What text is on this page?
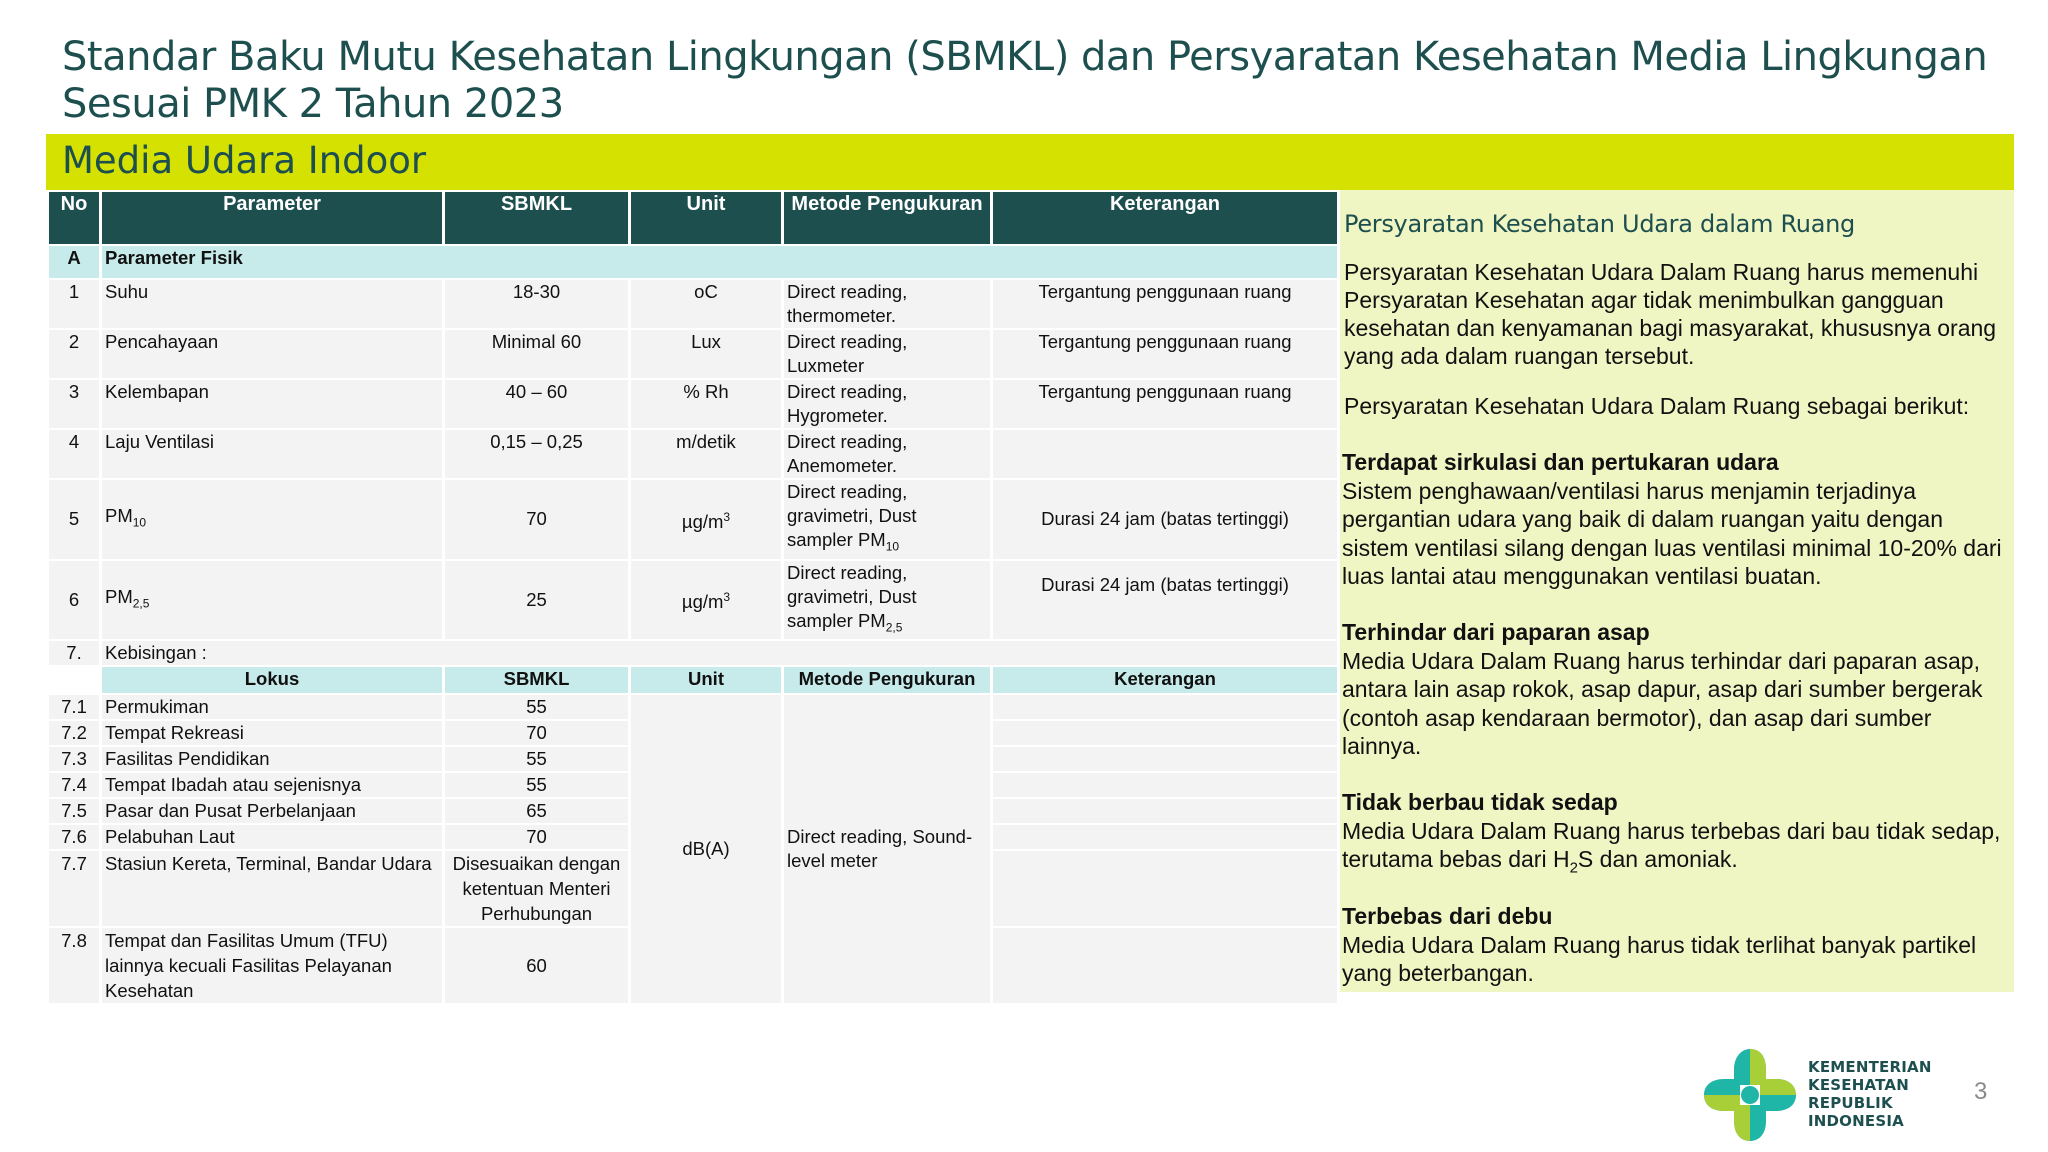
Standar Baku Mutu Kesehatan Lingkungan (SBMKL) dan Persyaratan Kesehatan Media Lingkungan Sesuai PMK 2 Tahun 2023
Media Udara Indoor
No	Parameter	SBMKL	Unit	Metode Pengukuran	Keterangan
A	Parameter Fisik				
1	Suhu	18-30	oC	Direct reading, thermometer.	Tergantung penggunaan ruang
2	Pencahayaan	Minimal 60	Lux	Direct reading, Luxmeter	Tergantung penggunaan ruang
3	Kelembapan	40 – 60	% Rh	Direct reading, Hygrometer.	Tergantung penggunaan ruang
4	Laju Ventilasi	0,15 – 0,25	m/detik	Direct reading, Anemometer.	
5	$PM_{10}$	70	$\mu g/m^3$	Direct reading, gravimetri, Dust sampler $PM_{10}$	Durasi 24 jam (batas tertinggi)
6	$PM_{2,5}$	25	$\mu g/m^3$	Direct reading, gravimetri, Dust sampler $PM_{2,5}$	Durasi 24 jam (batas tertinggi)
7.	Kebisingan :				
	Lokus	SBMKL	Unit	Metode Pengukuran	Keterangan
7.1	Permukiman	55	dB(A)	Direct reading, Sound-level meter	
7.2	Tempat Rekreasi	70			
7.3	Fasilitas Pendidikan	55			
7.4	Tempat Ibadah atau sejenisnya	55			
7.5	Pasar dan Pusat Perbelanjaan	65			
7.6	Pelabuhan Laut	70			
7.7	Stasiun Kereta, Terminal, Bandar Udara	Disesuaikan dengan ketentuan Menteri Perhubungan			
7.8	Tempat dan Fasilitas Umum (TFU) lainnya kecuali Fasilitas Pelayanan Kesehatan	60			
Persyaratan Kesehatan Udara dalam Ruang
Persyaratan Kesehatan Udara Dalam Ruang harus memenuhi Persyaratan Kesehatan agar tidak menimbulkan gangguan kesehatan dan kenyamanan bagi masyarakat, khususnya orang yang ada dalam ruangan tersebut.
Persyaratan Kesehatan Udara Dalam Ruang sebagai berikut:
Terdapat sirkulasi dan pertukaran udara
Sistem penghawaan/ventilasi harus menjamin terjadinya pergantian udara yang baik di dalam ruangan yaitu dengan sistem ventilasi silang dengan luas ventilasi minimal 10-20% dari luas lantai atau menggunakan ventilasi buatan.
Terhindar dari paparan asap
Media Udara Dalam Ruang harus terhindar dari paparan asap, antara lain asap rokok, asap dapur, asap dari sumber bergerak (contoh asap kendaraan bermotor), dan asap dari sumber lainnya.
Tidak berbau tidak sedap
Media Udara Dalam Ruang harus terbebas dari bau tidak sedap, terutama bebas dari $H_2S$ dan amoniak.
Terbebas dari debu
Media Udara Dalam Ruang harus tidak terlihat banyak partikel yang beterbangan.
KEMENTERIAN
KESEHATAN
REPUBLIK
INDONESIA
3
